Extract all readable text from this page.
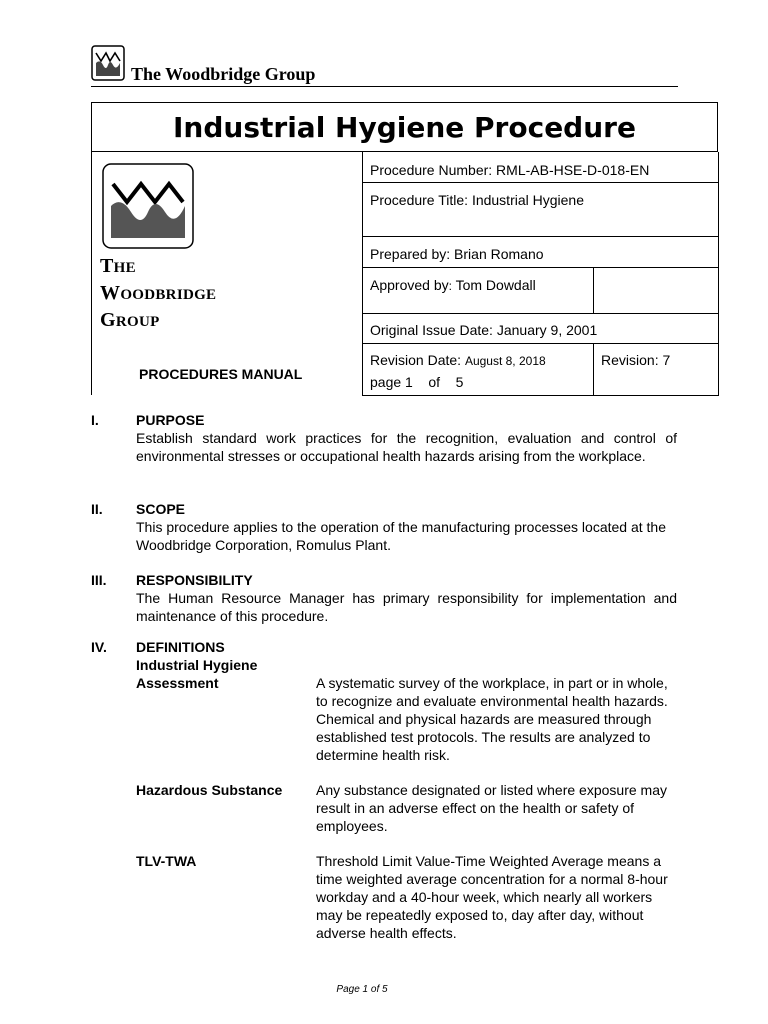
The Woodbridge Group
Industrial Hygiene Procedure
THE
WOODBRIDGE
GROUP
PROCEDURES MANUAL
Procedure Number: RML-AB-HSE-D-018-EN
Procedure Title: Industrial Hygiene
Prepared by: Brian Romano
Approved by: Tom Dowdall
Original Issue Date: January 9, 2001
Revision Date: August 8, 2018
page 1    of    5
Revision: 7
I.	PURPOSE
Establish standard work practices for the recognition, evaluation and control of environmental stresses or occupational health hazards arising from the workplace.
II. SCOPE
This procedure applies to the operation of the manufacturing processes located at the Woodbridge Corporation, Romulus Plant.
III. RESPONSIBILITY
The Human Resource Manager has primary responsibility for implementation and maintenance of this procedure.
IV. DEFINITIONS
Industrial Hygiene
Assessment	A systematic survey of the workplace, in part or in whole, to recognize and evaluate environmental health hazards. Chemical and physical hazards are measured through established test protocols. The results are analyzed to determine health risk.
Hazardous Substance	Any substance designated or listed where exposure may result in an adverse effect on the health or safety of employees.
TLV-TWA	Threshold Limit Value-Time Weighted Average means a time weighted average concentration for a normal 8-hour workday and a 40-hour week, which nearly all workers may be repeatedly exposed to, day after day, without adverse health effects.
Page 1 of 5
